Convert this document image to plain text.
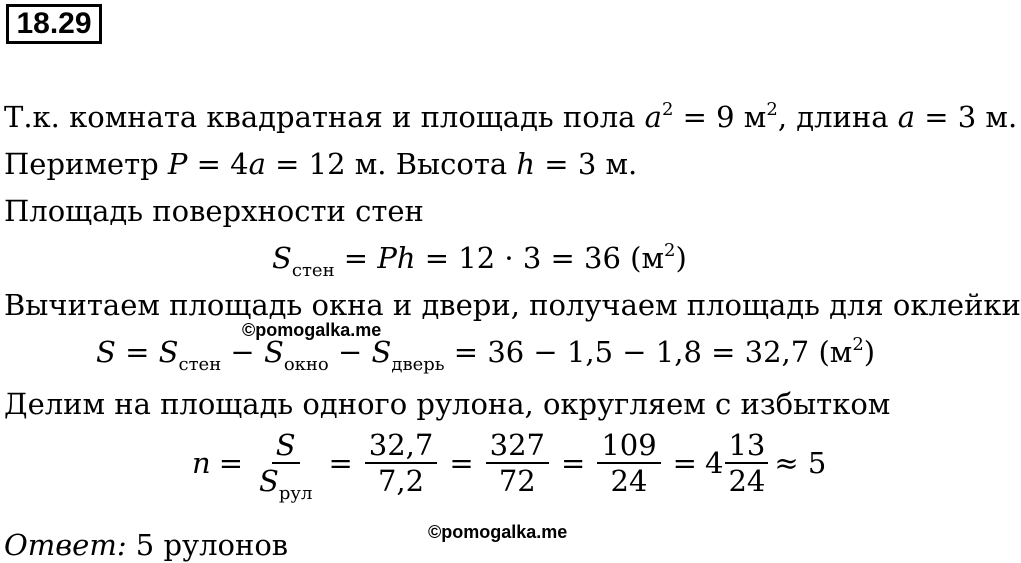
18.29
Т.к. комната квадратная и площадь пола $a^2 = 9$ $м^2$, длина a = 3 м.
Периметр P = 4a = 12 м. Высота h = 3 м.
Площадь поверхности стен
$S_{стен} = Ph = 12 \cdot 3 = 36$ $(м^2)$
Вычитаем площадь окна и двери, получаем площадь для оклейки
©pomogalka.me
$S = S_{стен} - S_{окно} - S_{дверь} = 36 - 1,5 - 1,8 = 32,7$ $(м^2)$
Делим на площадь одного рулона, округляем с избытком
$n = \frac{S}{S_{рул}} = \frac{32,7}{7,2} = \frac{327}{72} = \frac{109}{24} = 4 \frac{13}{24} \approx 5$
©pomogalka.me
Ответ: 5 рулонов
